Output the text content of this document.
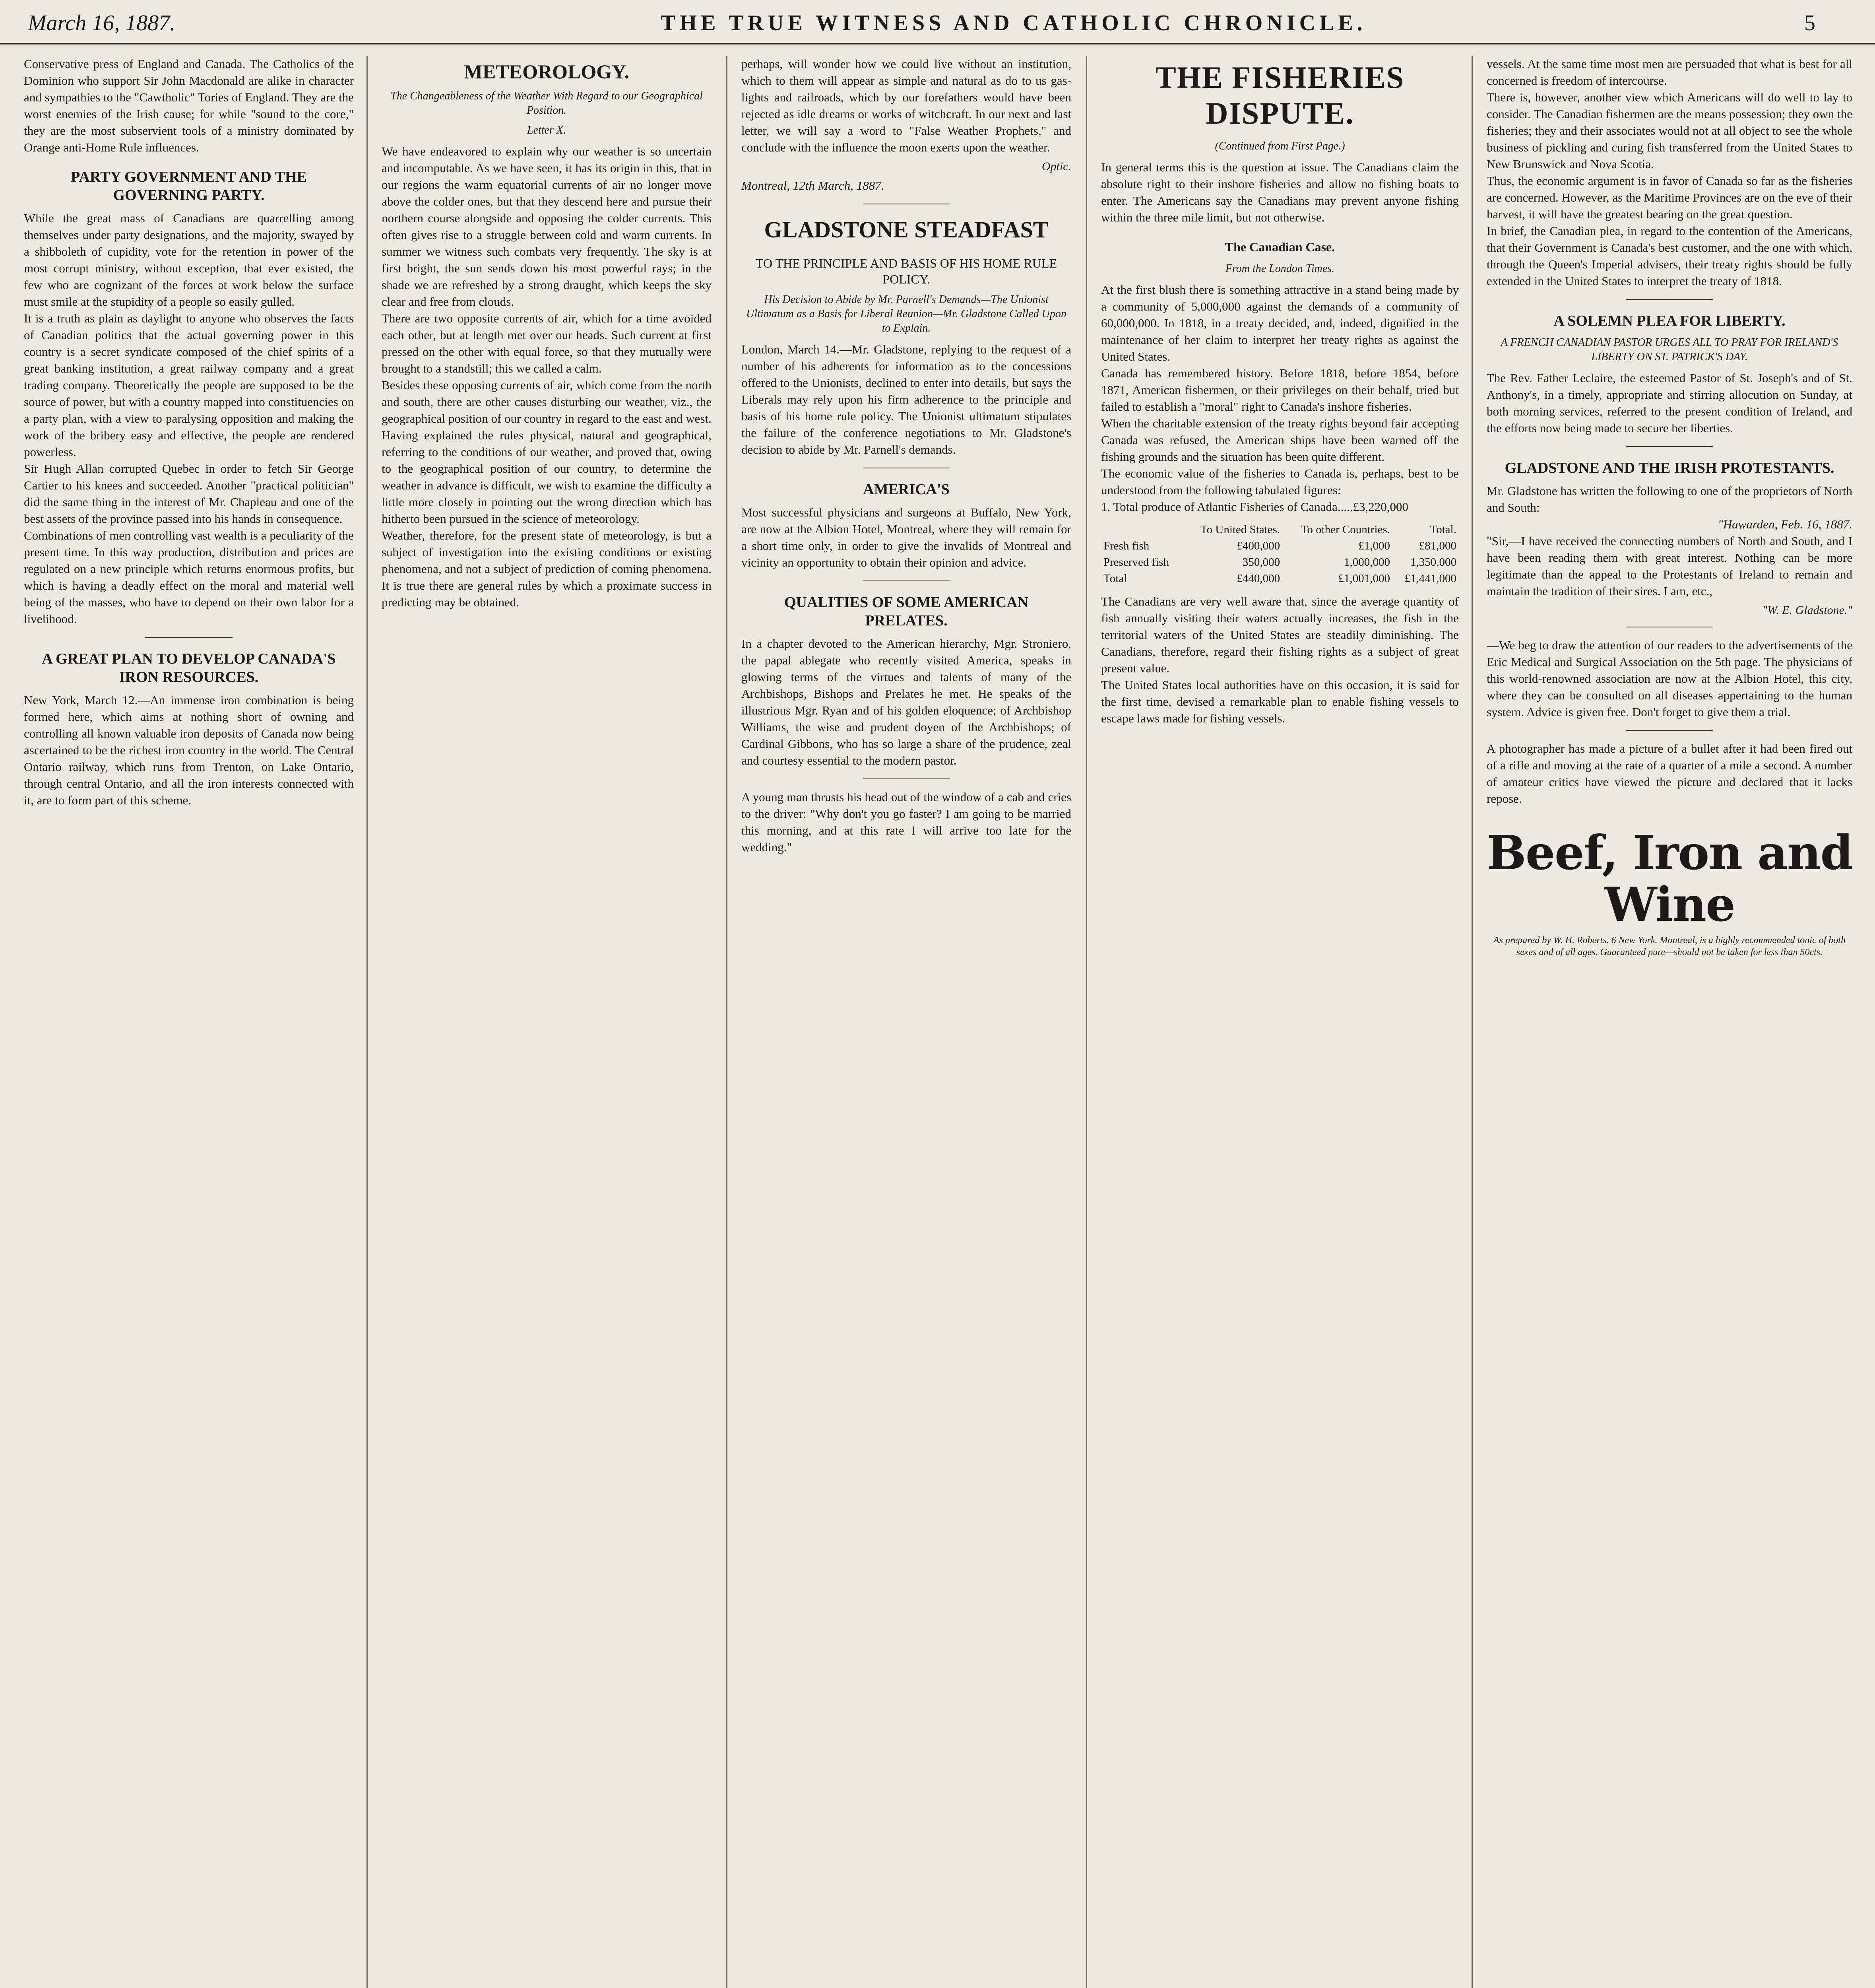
March 16, 1887.	THE TRUE WITNESS AND CATHOLIC CHRONICLE.	5

Conservative press of England and Canada. The Catholics of the Dominion who support Sir John Macdonald are alike in character and sympathies to the "Cawtholic" Tories of England. They are the worst enemies of the Irish cause; for while "sound to the core," they are the most subservient tools of a ministry dominated by Orange anti-Home Rule influences.

PARTY GOVERNMENT AND THE GOVERNING PARTY.

While the great mass of Canadians are quarrelling among themselves under party designations, and the majority, swayed by a shibboleth of cupidity, vote for the retention in power of the most corrupt ministry, without exception, that ever existed, the few who are cognizant of the forces at work below the surface must smile at the stupidity of a people so easily gulled.

It is a truth as plain as daylight to anyone who observes the facts of Canadian politics that the actual governing power in this country is a secret syndicate composed of the chief spirits of a great banking institution, a great railway company and a great trading company. Theoretically the people are supposed to be the source of power, but with a country mapped into constituencies on a party plan, with a view to paralysing opposition and making the work of the bribery easy and effective, the people are rendered powerless.

Sir Hugh Allan corrupted Quebec in order to fetch Sir George Cartier to his knees and succeeded. Another "practical politician" did the same thing in the interest of Mr. Chapleau and one of the best assets of the province passed into his hands in consequence.

Combinations of men controlling vast wealth is a peculiarity of the present time. In this way production, distribution and prices are regulated on a new principle which returns enormous profits, but which is having a deadly effect on the moral and material well being of the masses, who have to depend on their own labor for a livelihood.

A GREAT PLAN TO DEVELOP CANADA'S IRON RESOURCES.

New York, March 12.—An immense iron combination is being formed here, which aims at nothing short of owning and controlling all known valuable iron deposits of Canada now being ascertained to be the richest iron country in the world. The Central Ontario railway, which runs from Trenton, on Lake Ontario, through central Ontario, and all the iron interests connected with it, are to form part of this scheme.

METEOROLOGY.
The Changeableness of the Weather With Regard to our Geographical Position.
Letter X.

We have endeavored to explain why our weather is so uncertain and incomputable. As we have seen, it has its origin in this, that in our regions the warm equatorial currents of air no longer move above the colder ones, but that they descend here and pursue their northern course alongside and opposing the colder currents. This often gives rise to a struggle between cold and warm currents. In summer we witness such combats very frequently. The sky is at first bright, the sun sends down his most powerful rays; in the shade we are refreshed by a strong draught, which keeps the sky clear and free from clouds.

There are two opposite currents of air, which for a time avoided each other, but at length met over our heads. Such current at first pressed on the other with equal force, so that they mutually were brought to a standstill; this we called a calm.

Besides these opposing currents of air, which come from the north and south, there are other causes disturbing our weather, viz., the geographical position of our country in regard to the east and west.

Having explained the rules physical, natural and geographical, referring to the conditions of our weather, and proved that, owing to the geographical position of our country, to determine the weather in advance is difficult, we wish to examine the difficulty a little more closely in pointing out the wrong direction which has hitherto been pursued in the science of meteorology.

Weather, therefore, for the present state of meteorology, is but a subject of investigation into the existing conditions or existing phenomena, and not a subject of prediction of coming phenomena. It is true there are general rules by which a proximate success in predicting may be obtained.

perhaps, will wonder how we could live without an institution, which to them will appear as simple and natural as do to us gas-lights and railroads, which by our forefathers would have been rejected as idle dreams or works of witchcraft. In our next and last letter, we will say a word to "False Weather Prophets," and conclude with the influence the moon exerts upon the weather.

Optic.
Montreal, 12th March, 1887.
GLADSTONE STEADFAST
TO THE PRINCIPLE AND BASIS OF HIS HOME RULE POLICY.
His Decision to Abide by Mr. Parnell's Demands—The Unionist Ultimatum as a Basis for Liberal Reunion—Mr. Gladstone Called Upon to Explain.

London, March 14.—Mr. Gladstone, replying to the request of a number of his adherents for information as to the concessions offered to the Unionists, declined to enter into details, but says the Liberals may rely upon his firm adherence to the principle and basis of his home rule policy. The Unionist ultimatum stipulates the failure of the conference negotiations to Mr. Gladstone's decision to abide by Mr. Parnell's demands.

AMERICA'S

Most successful physicians and surgeons at Buffalo, New York, are now at the Albion Hotel, Montreal, where they will remain for a short time only, in order to give the invalids of Montreal and vicinity an opportunity to obtain their opinion and advice.

QUALITIES OF SOME AMERICAN PRELATES.

In a chapter devoted to the American hierarchy, Mgr. Stroniero, the papal ablegate who recently visited America, speaks in glowing terms of the virtues and talents of many of the Archbishops, Bishops and Prelates he met. He speaks of the illustrious Mgr. Ryan and of his golden eloquence; of Archbishop Williams, the wise and prudent doyen of the Archbishops; of Cardinal Gibbons, who has so large a share of the prudence, zeal and courtesy essential to the modern pastor.

A young man thrusts his head out of the window of a cab and cries to the driver: "Why don't you go faster? I am going to be married this morning, and at this rate I will arrive too late for the wedding."

THE FISHERIES DISPUTE.
(Continued from First Page.)

In general terms this is the question at issue. The Canadians claim the absolute right to their inshore fisheries and allow no fishing boats to enter. The Americans say the Canadians may prevent anyone fishing within the three mile limit, but not otherwise.

The Canadian Case.
From the London Times.

At the first blush there is something attractive in a stand being made by a community of 5,000,000 against the demands of a community of 60,000,000. In 1818, in a treaty decided, and, indeed, dignified in the maintenance of her claim to interpret her treaty rights as against the United States.

Canada has remembered history. Before 1818, before 1854, before 1871, American fishermen, or their privileges on their behalf, tried but failed to establish a "moral" right to Canada's inshore fisheries.

When the charitable extension of the treaty rights beyond fair accepting Canada was refused, the American ships have been warned off the fishing grounds and the situation has been quite different.

The economic value of the fisheries to Canada is, perhaps, best to be understood from the following tabulated figures:

1. Total produce of Atlantic Fisheries of Canada.....£3,220,000
	To United States.	To other Countries.	Total.
Fresh fish	£400,000	£1,000	£81,000
Preserved fish	350,000	1,000,000	1,350,000
Total	£440,000	£1,001,000	£1,441,000

The Canadians are very well aware that, since the average quantity of fish annually visiting their waters actually increases, the fish in the territorial waters of the United States are steadily diminishing. The Canadians, therefore, regard their fishing rights as a subject of great present value.

The United States local authorities have on this occasion, it is said for the first time, devised a remarkable plan to enable fishing vessels to escape laws made for fishing vessels.

vessels. At the same time most men are persuaded that what is best for all concerned is freedom of intercourse.

There is, however, another view which Americans will do well to lay to consider. The Canadian fishermen are the means possession; they own the fisheries; they and their associates would not at all object to see the whole business of pickling and curing fish transferred from the United States to New Brunswick and Nova Scotia.

Thus, the economic argument is in favor of Canada so far as the fisheries are concerned. However, as the Maritime Provinces are on the eve of their harvest, it will have the greatest bearing on the great question.

In brief, the Canadian plea, in regard to the contention of the Americans, that their Government is Canada's best customer, and the one with which, through the Queen's Imperial advisers, their treaty rights should be fully extended in the United States to interpret the treaty of 1818.

A SOLEMN PLEA FOR LIBERTY.
A FRENCH CANADIAN PASTOR URGES ALL TO PRAY FOR IRELAND'S LIBERTY ON ST. PATRICK'S DAY.

The Rev. Father Leclaire, the esteemed Pastor of St. Joseph's and of St. Anthony's, in a timely, appropriate and stirring allocution on Sunday, at both morning services, referred to the present condition of Ireland, and the efforts now being made to secure her liberties.

GLADSTONE AND THE IRISH PROTESTANTS.

Mr. Gladstone has written the following to one of the proprietors of North and South:

"Hawarden, Feb. 16, 1887.

"Sir,—I have received the connecting numbers of North and South, and I have been reading them with great interest. Nothing can be more legitimate than the appeal to the Protestants of Ireland to remain and maintain the tradition of their sires. I am, etc.,

"W. E. Gladstone."

—We beg to draw the attention of our readers to the advertisements of the Eric Medical and Surgical Association on the 5th page. The physicians of this world-renowned association are now at the Albion Hotel, this city, where they can be consulted on all diseases appertaining to the human system. Advice is given free. Don't forget to give them a trial.

A photographer has made a picture of a bullet after it had been fired out of a rifle and moving at the rate of a quarter of a mile a second. A number of amateur critics have viewed the picture and declared that it lacks repose.

Beef, Iron and Wine
As prepared by W. H. Roberts, 6 New York. Montreal, is a highly recommended tonic of both sexes and of all ages. Guaranteed pure—should not be taken for less than 50cts.
